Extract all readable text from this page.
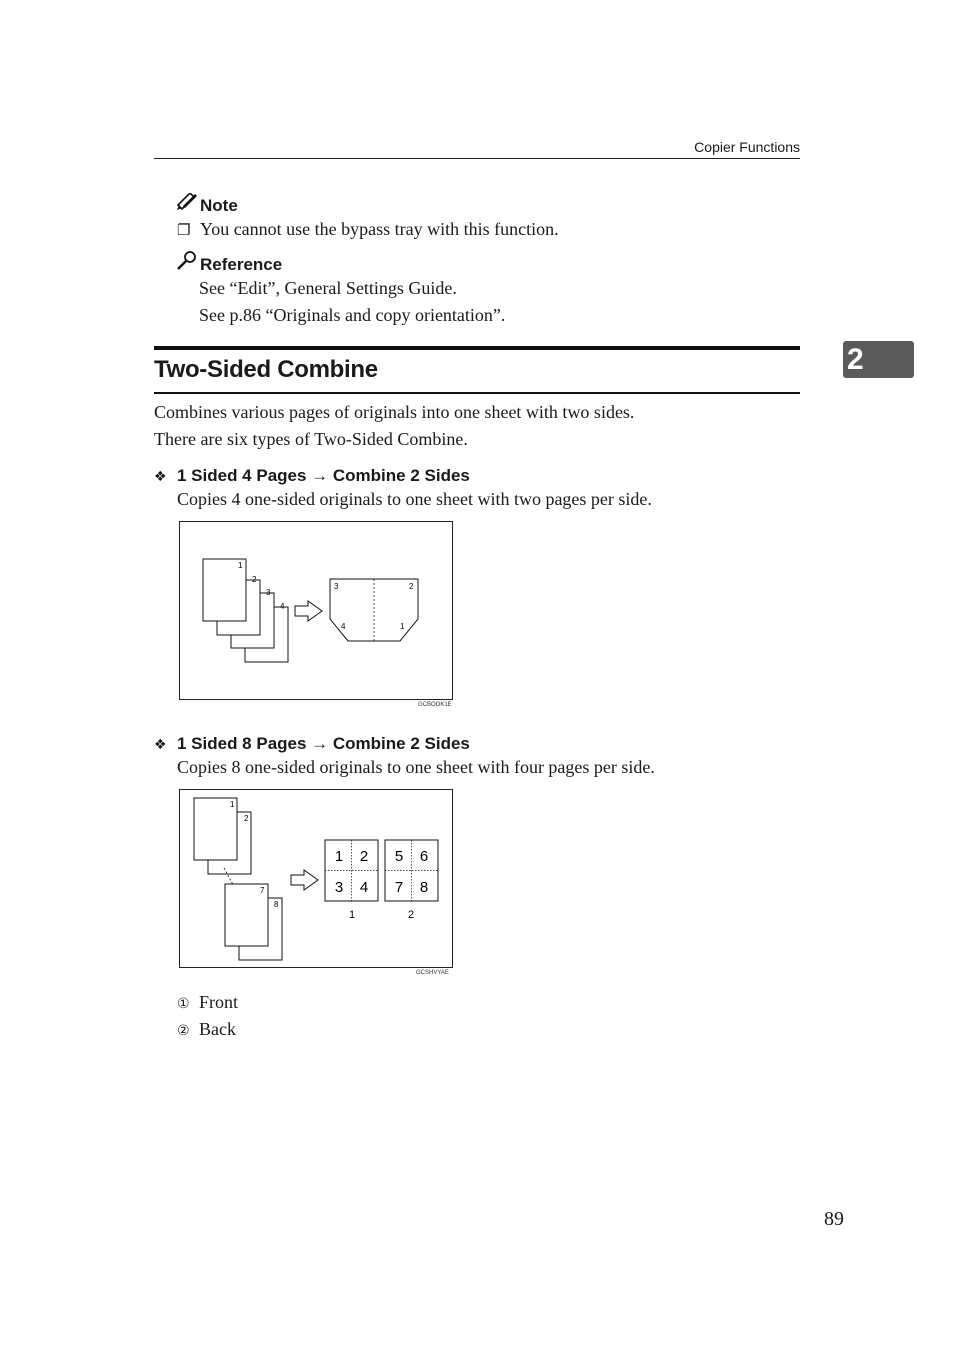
Copier Functions
Note
❐ You cannot use the bypass tray with this function.
Reference
See “Edit”, General Settings Guide.
See p.86 “Originals and copy orientation”.
2
Two-Sided Combine
Combines various pages of originals into one sheet with two sides.
There are six types of Two-Sided Combine.
❖ 1 Sided 4 Pages → Combine 2 Sides
Copies 4 one-sided originals to one sheet with two pages per side.
1
2
3
4
3	2
4	1
GCBOOK1E
❖ 1 Sided 8 Pages → Combine 2 Sides
Copies 8 one-sided originals to one sheet with four pages per side.
1
2
7
8
1 2
3 4
5 6
7 8
1	2
GCSHVYAE
① Front
② Back
89
